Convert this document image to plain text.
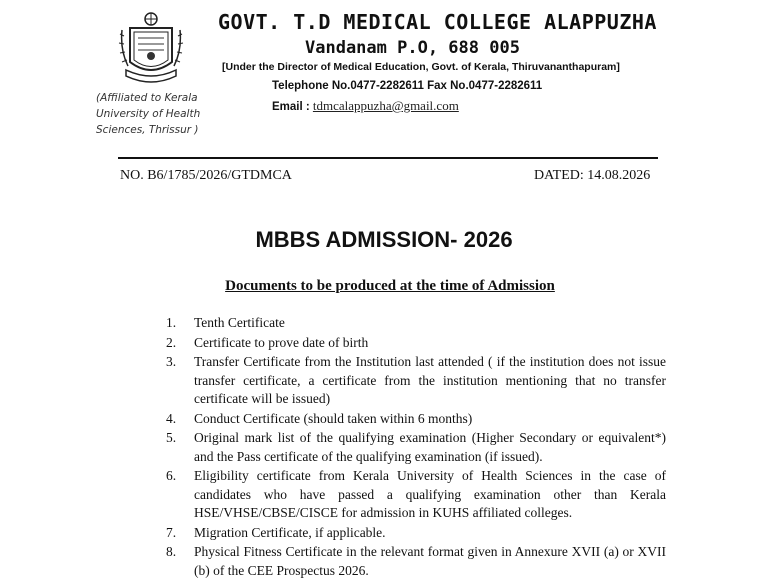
GOVT. T.D MEDICAL COLLEGE ALAPPUZHA
Vandanam P.O, 688 005
[Under the Director of Medical Education, Govt. of Kerala, Thiruvananthapuram]
Telephone No.0477-2282611 Fax No.0477-2282611
Email : tdmcalappuzha@gmail.com
(Affiliated to Kerala University of Health Sciences, Thrissur )
NO. B6/1785/2026/GTDMCA	DATED: 14.08.2026
MBBS ADMISSION- 2026
Documents to be produced at the time of Admission
1.	Tenth Certificate
2.	Certificate to prove date of birth
3.	Transfer Certificate from the Institution last attended ( if the institution does not issue transfer certificate, a certificate from the institution mentioning that no transfer certificate will be issued)
4.	Conduct Certificate (should taken within 6 months)
5.	Original mark list of the qualifying examination (Higher Secondary or equivalent*) and the Pass certificate of the qualifying examination (if issued).
6.	Eligibility certificate from Kerala University of Health Sciences in the case of candidates who have passed a qualifying examination other than Kerala HSE/VHSE/CBSE/CISCE for admission in KUHS affiliated colleges.
7.	Migration Certificate, if applicable.
8.	Physical Fitness Certificate in the relevant format given in Annexure XVII (a) or XVII (b) of the CEE Prospectus 2026.
